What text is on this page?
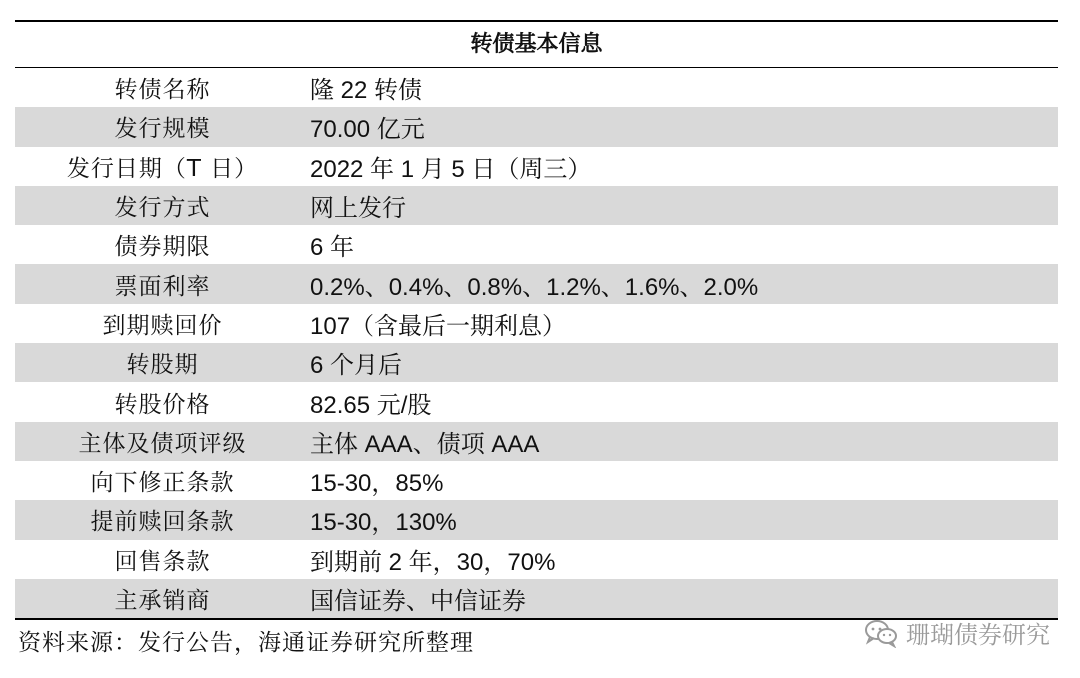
转债基本信息
转债名称	隆 22 转债
发行规模	70.00 亿元
发行日期（T 日）	2022 年 1 月 5 日（周三）
发行方式	网上发行
债券期限	6 年
票面利率	0.2%、0.4%、0.8%、1.2%、1.6%、2.0%
到期赎回价	107（含最后一期利息）
转股期	6 个月后
转股价格	82.65 元/股
主体及债项评级	主体 AAA、债项 AAA
向下修正条款	15-30，85%
提前赎回条款	15-30，130%
回售条款	到期前 2 年，30，70%
主承销商	国信证券、中信证券
资料来源：发行公告，海通证券研究所整理	珊瑚债券研究
